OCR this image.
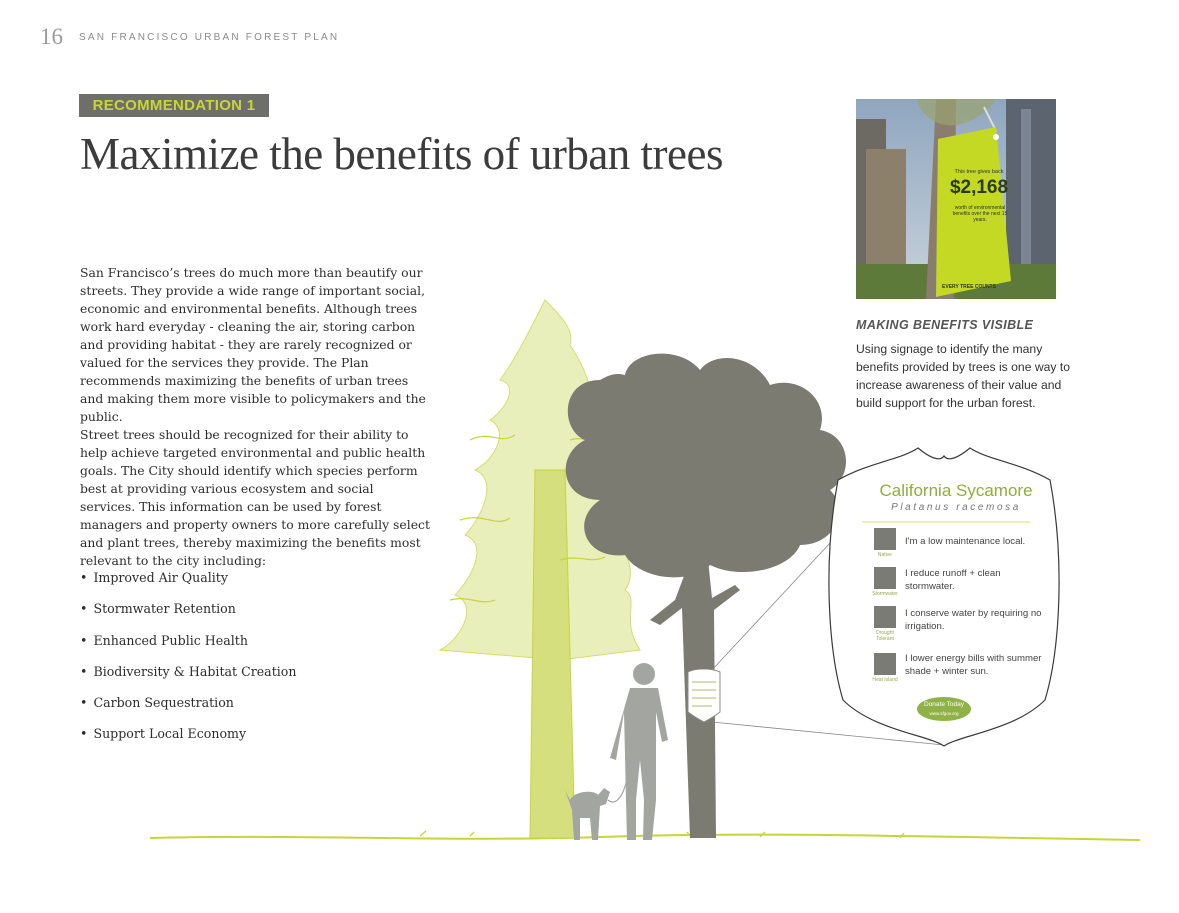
16 SAN FRANCISCO URBAN FOREST PLAN
California Sycamore
Platanus racemosa
Native
I'm a low maintenance local.
Stormwater
I reduce runoff + clean stormwater.
Drought Tolerant
I conserve water by requiring no irrigation.
Heat Island
I lower energy bills with summer shade + winter sun.
Donate Today
www.sfgov.org
RECOMMENDATION 1
Maximize the benefits of urban trees
San Francisco’s trees do much more than beautify our streets. They provide a wide range of important social, economic and environmental benefits. Although trees work hard everyday - cleaning the air, storing carbon and providing habitat - they are rarely recognized or valued for the services they provide. The Plan recommends maximizing the benefits of urban trees and making them more visible to policymakers and the public.
Street trees should be recognized for their ability to help achieve targeted environmental and public health goals. The City should identify which species perform best at providing various ecosystem and social services. This information can be used by forest managers and property owners to more carefully select and plant trees, thereby maximizing the benefits most relevant to the city including:
• Improved Air Quality
• Stormwater Retention
• Enhanced Public Health
• Biodiversity & Habitat Creation
• Carbon Sequestration
• Support Local Economy
This tree gives back
$2,168
worth of environmental benefits over the next 15 years.
EVERY TREE COUNTS
MAKING BENEFITS VISIBLE
Using signage to identify the many benefits provided by trees is one way to increase awareness of their value and build support for the urban forest.
